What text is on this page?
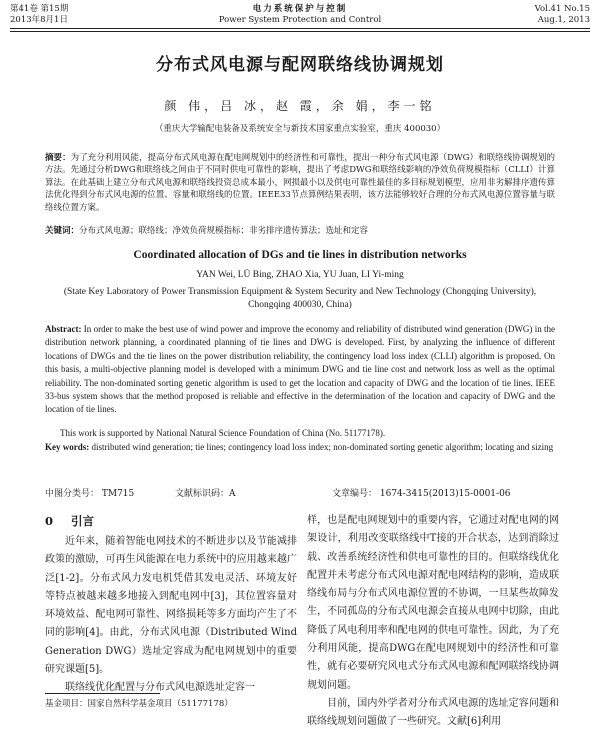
第41卷 第15期
2013年8月1日
电力系统保护与控制
Power System Protection and Control
Vol.41 No.15
Aug.1, 2013
分布式风电源与配网联络线协调规划
颜 伟，吕 冰，赵 霞，余 娟，李一铭
（重庆大学输配电装备及系统安全与新技术国家重点实验室，重庆 400030）
摘要：为了充分利用风能，提高分布式风电源在配电网规划中的经济性和可靠性，提出一种分布式风电源（DWG）和联络线协调规划的方法。先通过分析DWG和联络线之间由于不同时供电可靠性的影响，提出了考虑DWG和联络线影响的净效负荷规模指标（CLLI）计算算法。在此基础上建立分布式风电源和联络线投资总成本最小，网损最小以及供电可靠性最佳的多目标规划模型，应用非劣解排序遗传算法优化得到分布式风电源的位置、容量和联络线的位置。IEEE33节点算例结果表明，该方法能够较好合理的分布式风电源位置容量与联络线位置方案。
关键词：分布式风电源；联络线；净效负荷规模指标；非劣排序遗传算法；选址和定容
Coordinated allocation of DGs and tie lines in distribution networks
YAN Wei, LÜ Bing, ZHAO Xia, YU Juan, LI Yi-ming
(State Key Laboratory of Power Transmission Equipment & System Security and New Technology (Chongqing University), Chongqing 400030, China)
Abstract: In order to make the best use of wind power and improve the economy and reliability of distributed wind generation (DWG) in the distribution network planning, a coordinated planning of tie lines and DWG is developed. First, by analyzing the influence of different locations of DWGs and the tie lines on the power distribution reliability, the contingency load loss index (CLLI) algorithm is proposed. On this basis, a multi-objective planning model is developed with a minimum DWG and tie line cost and network loss as well as the optimal reliability. The non-dominated sorting genetic algorithm is used to get the location and capacity of DWG and the location of tie lines. IEEE 33-bus system shows that the method proposed is reliable and effective in the determination of the location and capacity of DWG and the location of tie lines.
This work is supported by National Natural Science Foundation of China (No. 51177178).
Key words: distributed wind generation; tie lines; contingency load loss index; non-dominated sorting genetic algorithm; locating and sizing
中图分类号： TM715	文献标识码：A	文章编号： 1674-3415(2013)15-0001-06
0 引言

近年来，随着智能电网技术的不断进步以及节能减排政策的激励，可再生风能源在电力系统中的应用越来越广泛[1-2]。分布式风力发电机凭借其发电灵活、环境友好等特点被越来越多地接入到配电网中[3]，其位置容量对环境效益、配电网可靠性、网络损耗等多方面均产生了不同的影响[4]。由此，分布式风电源（Distributed Wind Generation DWG）选址定容成为配电网规划中的重要研究课题[5]。

联络线优化配置与分布式风电源选址定容一

样，也是配电网规划中的重要内容，它通过对配电网的网架设计，利用改变联络线中T接的开合状态，达到消除过载、改善系统经济性和供电可靠性的目的。但联络线优化配置并未考虑分布式风电源对配电网结构的影响，造成联络线布局与分布式风电源位置的不协调，一旦某些故障发生，不同孤岛的分布式风电源会直接从电网中切除，由此降低了风电利用率和配电网的供电可靠性。因此，为了充分利用风能，提高DWG在配电网规划中的经济性和可靠性，就有必要研究风电式分布式风电源和配网联络线协调规划问题。

目前，国内外学者对分布式风电源的选址定容问题和联络线规划问题做了一些研究。文献[6]利用

基金项目：国家自然科学基金项目（51177178）
